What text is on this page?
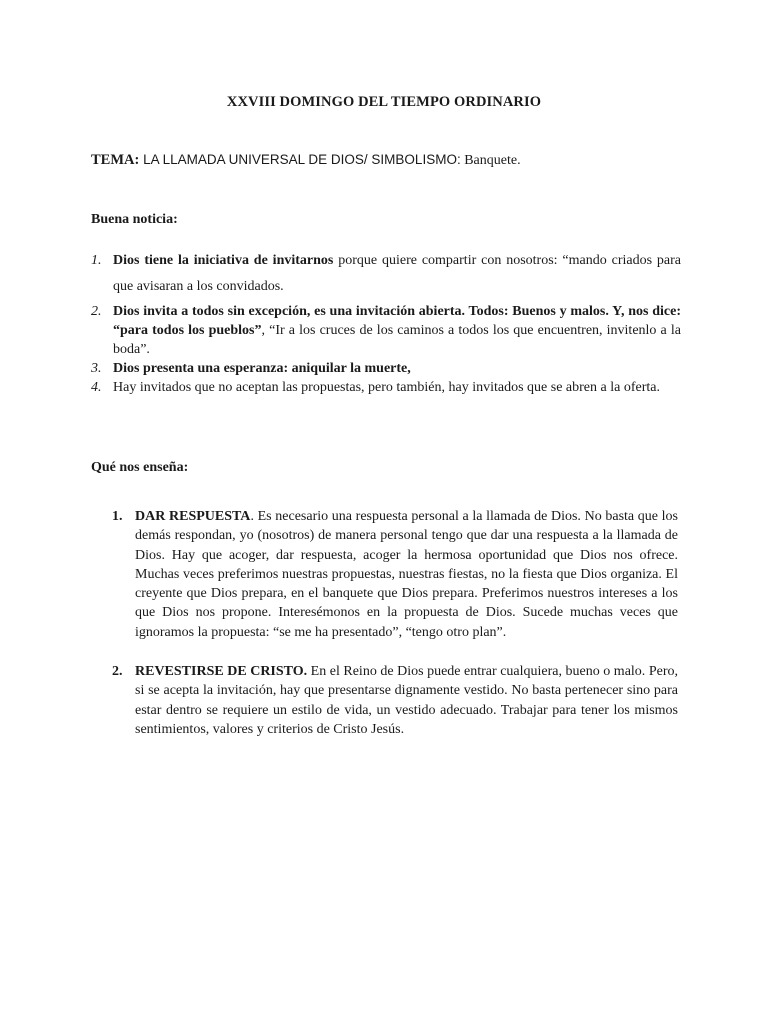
XXVIII DOMINGO DEL TIEMPO ORDINARIO
TEMA: LA LLAMADA UNIVERSAL DE DIOS/ SIMBOLISMO: Banquete.
Buena noticia:
1. Dios tiene la iniciativa de invitarnos porque quiere compartir con nosotros: “mando criados para que avisaran a los convidados.
2. Dios invita a todos sin excepción, es una invitación abierta. Todos: Buenos y malos. Y, nos dice: “para todos los pueblos”, “Ir a los cruces de los caminos a todos los que encuentren, invitenlo a la boda”.
3. Dios presenta una esperanza: aniquilar la muerte,
4. Hay invitados que no aceptan las propuestas, pero también, hay invitados que se abren a la oferta.
Qué nos enseña:
1. DAR RESPUESTA. Es necesario una respuesta personal a la llamada de Dios. No basta que los demás respondan, yo (nosotros) de manera personal tengo que dar una respuesta a la llamada de Dios. Hay que acoger, dar respuesta, acoger la hermosa oportunidad que Dios nos ofrece. Muchas veces preferimos nuestras propuestas, nuestras fiestas, no la fiesta que Dios organiza. El creyente que Dios prepara, en el banquete que Dios prepara. Preferimos nuestros intereses a los que Dios nos propone. Interesémonos en la propuesta de Dios. Sucede muchas veces que ignoramos la propuesta: “se me ha presentado”, “tengo otro plan”.
2. REVESTIRSE DE CRISTO. En el Reino de Dios puede entrar cualquiera, bueno o malo. Pero, si se acepta la invitación, hay que presentarse dignamente vestido. No basta pertenecer sino para estar dentro se requiere un estilo de vida, un vestido adecuado. Trabajar para tener los mismos sentimientos, valores y criterios de Cristo Jesús.
